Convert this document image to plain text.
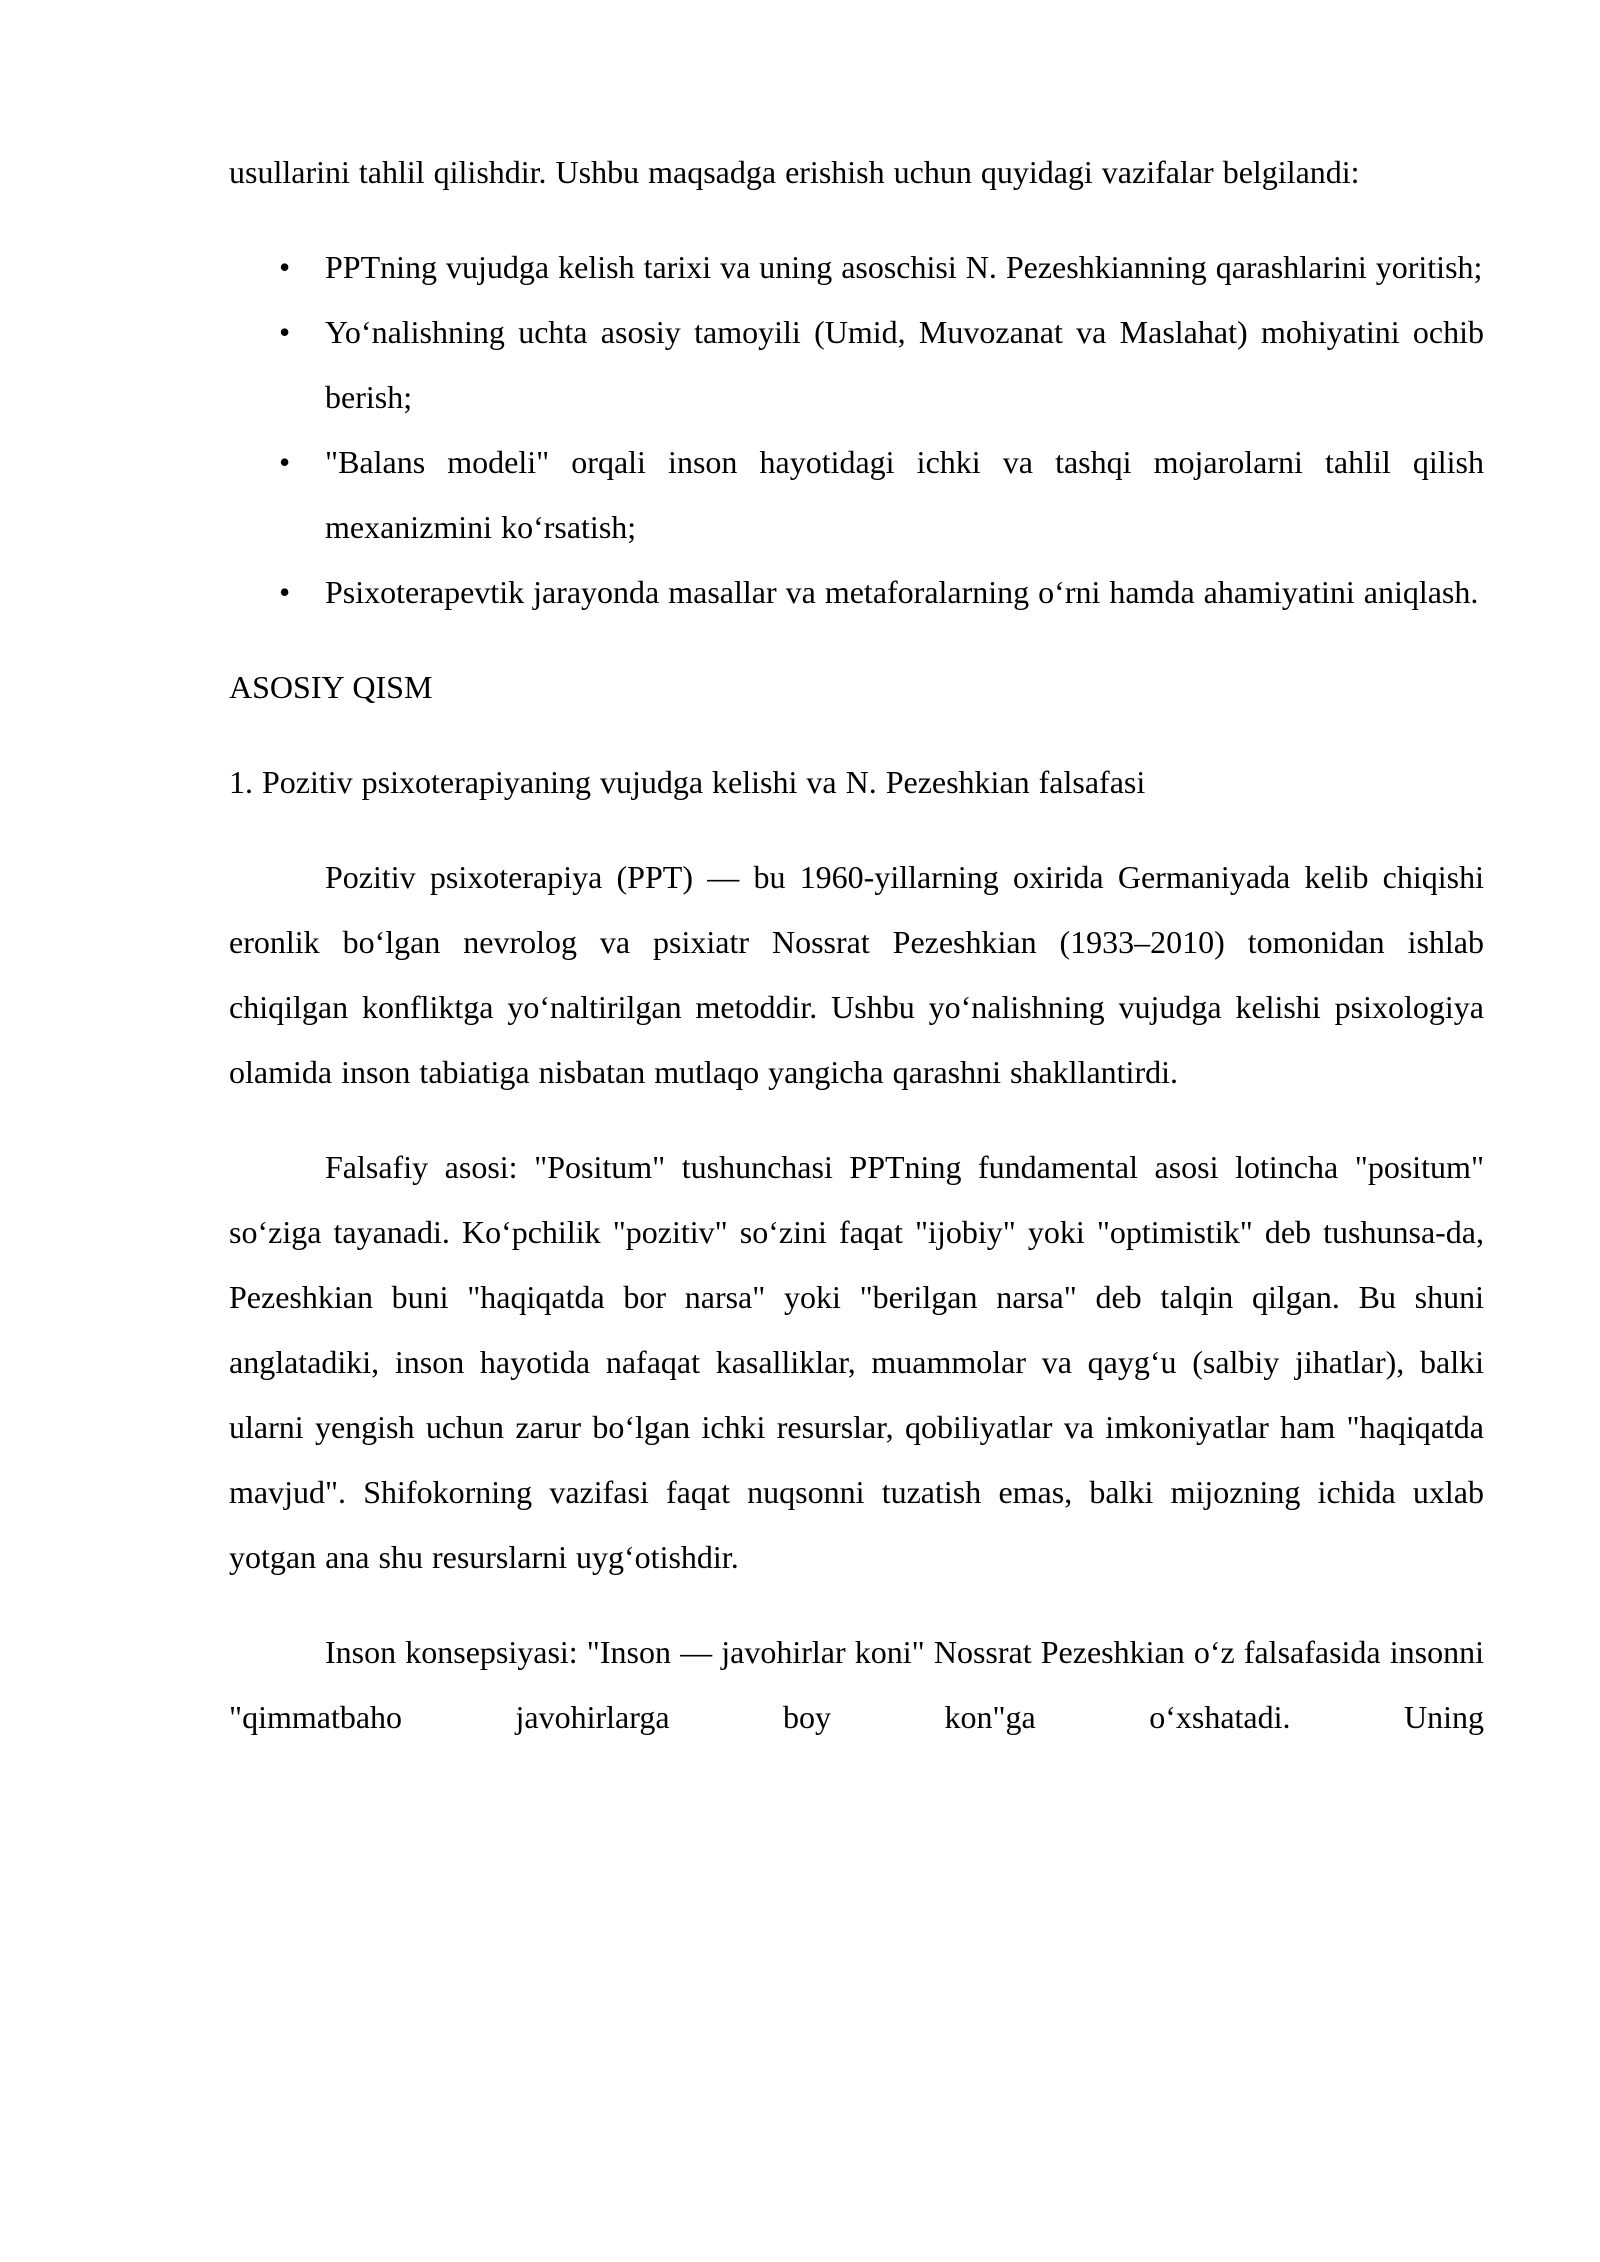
usullarini tahlil qilishdir. Ushbu maqsadga erishish uchun quyidagi vazifalar belgilandi:

• PPTning vujudga kelish tarixi va uning asoschisi N. Pezeshkianning qarashlarini yoritish;
• Yoʻnalishning uchta asosiy tamoyili (Umid, Muvozanat va Maslahat) mohiyatini ochib berish;
• "Balans modeli" orqali inson hayotidagi ichki va tashqi mojarolarni tahlil qilish mexanizmini koʻrsatish;
• Psixoterapevtik jarayonda masallar va metaforalarning oʻrni hamda ahamiyatini aniqlash.

ASOSIY QISM

1. Pozitiv psixoterapiyaning vujudga kelishi va N. Pezeshkian falsafasi

Pozitiv psixoterapiya (PPT) — bu 1960-yillarning oxirida Germaniyada kelib chiqishi eronlik boʻlgan nevrolog va psixiatr Nossrat Pezeshkian (1933–2010) tomonidan ishlab chiqilgan konfliktga yoʻnaltirilgan metoddir. Ushbu yoʻnalishning vujudga kelishi psixologiya olamida inson tabiatiga nisbatan mutlaqo yangicha qarashni shakllantirdi.

Falsafiy asosi: "Positum" tushunchasi PPTning fundamental asosi lotincha "positum" soʻziga tayanadi. Koʻpchilik "pozitiv" soʻzini faqat "ijobiy" yoki "optimistik" deb tushunsa-da, Pezeshkian buni "haqiqatda bor narsa" yoki "berilgan narsa" deb talqin qilgan. Bu shuni anglatadiki, inson hayotida nafaqat kasalliklar, muammolar va qaygʻu (salbiy jihatlar), balki ularni yengish uchun zarur boʻlgan ichki resurslar, qobiliyatlar va imkoniyatlar ham "haqiqatda mavjud". Shifokorning vazifasi faqat nuqsonni tuzatish emas, balki mijozning ichida uxlab yotgan ana shu resurslarni uygʻotishdir.

Inson konsepsiyasi: "Inson — javohirlar koni" Nossrat Pezeshkian oʻz falsafasida insonni "qimmatbaho javohirlarga boy kon"ga oʻxshatadi. Uning
